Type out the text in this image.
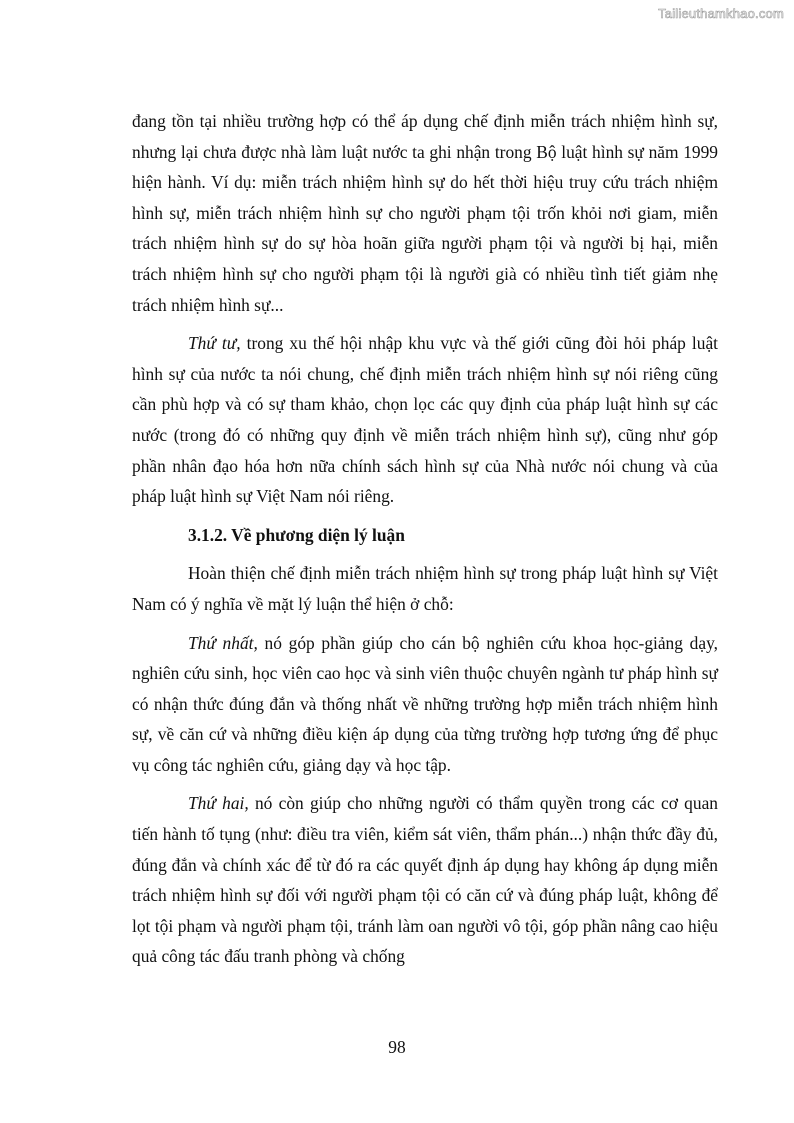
Tailieuthamkhao.com

đang tồn tại nhiều trường hợp có thể áp dụng chế định miễn trách nhiệm hình sự, nhưng lại chưa được nhà làm luật nước ta ghi nhận trong Bộ luật hình sự năm 1999 hiện hành. Ví dụ: miễn trách nhiệm hình sự do hết thời hiệu truy cứu trách nhiệm hình sự, miễn trách nhiệm hình sự cho người phạm tội trốn khỏi nơi giam, miễn trách nhiệm hình sự do sự hòa hoãn giữa người phạm tội và người bị hại, miễn trách nhiệm hình sự cho người phạm tội là người già có nhiều tình tiết giảm nhẹ trách nhiệm hình sự...

Thứ tư, trong xu thế hội nhập khu vực và thế giới cũng đòi hỏi pháp luật hình sự của nước ta nói chung, chế định miễn trách nhiệm hình sự nói riêng cũng cần phù hợp và có sự tham khảo, chọn lọc các quy định của pháp luật hình sự các nước (trong đó có những quy định về miễn trách nhiệm hình sự), cũng như góp phần nhân đạo hóa hơn nữa chính sách hình sự của Nhà nước nói chung và của pháp luật hình sự Việt Nam nói riêng.

3.1.2. Về phương diện lý luận

Hoàn thiện chế định miễn trách nhiệm hình sự trong pháp luật hình sự Việt Nam có ý nghĩa về mặt lý luận thể hiện ở chỗ:

Thứ nhất, nó góp phần giúp cho cán bộ nghiên cứu khoa học-giảng dạy, nghiên cứu sinh, học viên cao học và sinh viên thuộc chuyên ngành tư pháp hình sự có nhận thức đúng đắn và thống nhất về những trường hợp miễn trách nhiệm hình sự, về căn cứ và những điều kiện áp dụng của từng trường hợp tương ứng để phục vụ công tác nghiên cứu, giảng dạy và học tập.

Thứ hai, nó còn giúp cho những người có thẩm quyền trong các cơ quan tiến hành tố tụng (như: điều tra viên, kiểm sát viên, thẩm phán...) nhận thức đầy đủ, đúng đắn và chính xác để từ đó ra các quyết định áp dụng hay không áp dụng miễn trách nhiệm hình sự đối với người phạm tội có căn cứ và đúng pháp luật, không để lọt tội phạm và người phạm tội, tránh làm oan người vô tội, góp phần nâng cao hiệu quả công tác đấu tranh phòng và chống

98
